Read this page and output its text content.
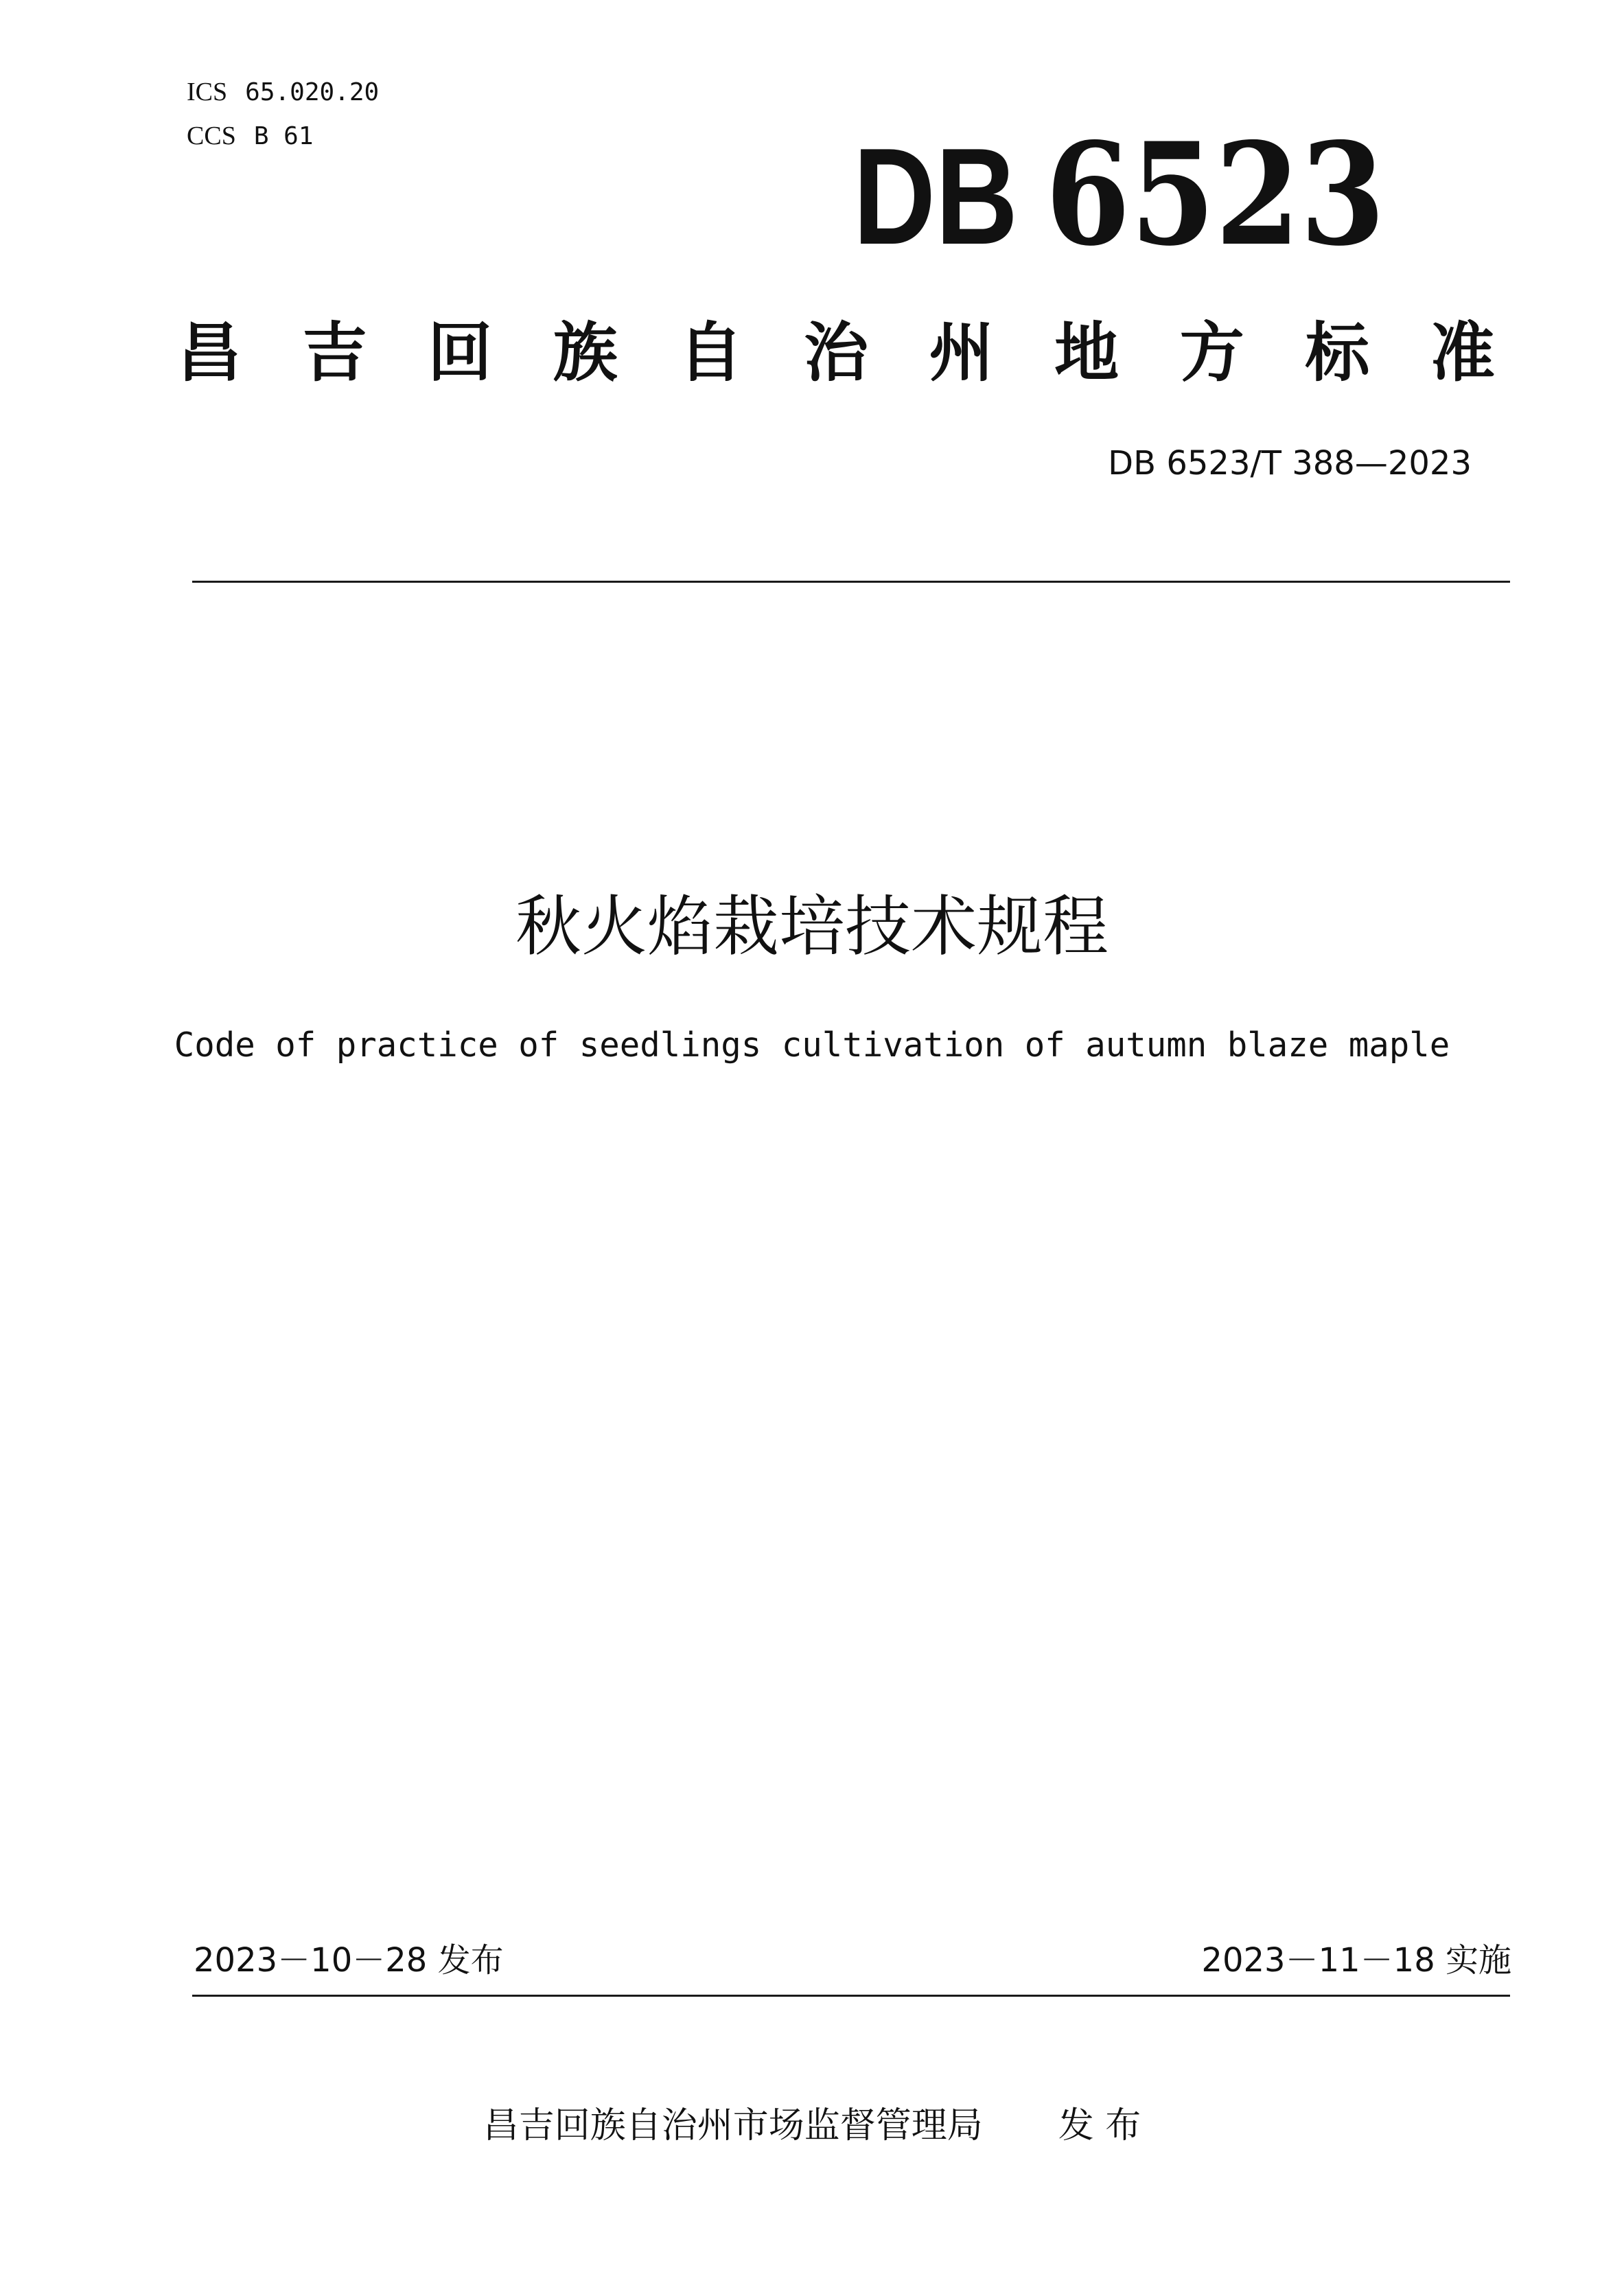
ICS 65.020.20
CCS B 61	DB 6523
昌 吉 回 族 自 治 州 地 方 标 准
DB 6523/T 388—2023
秋火焰栽培技术规程
Code of practice of seedlings cultivation of autumn blaze maple
2023－10－28 发布	2023－11－18 实施
昌吉回族自治州市场监督管理局 发 布
